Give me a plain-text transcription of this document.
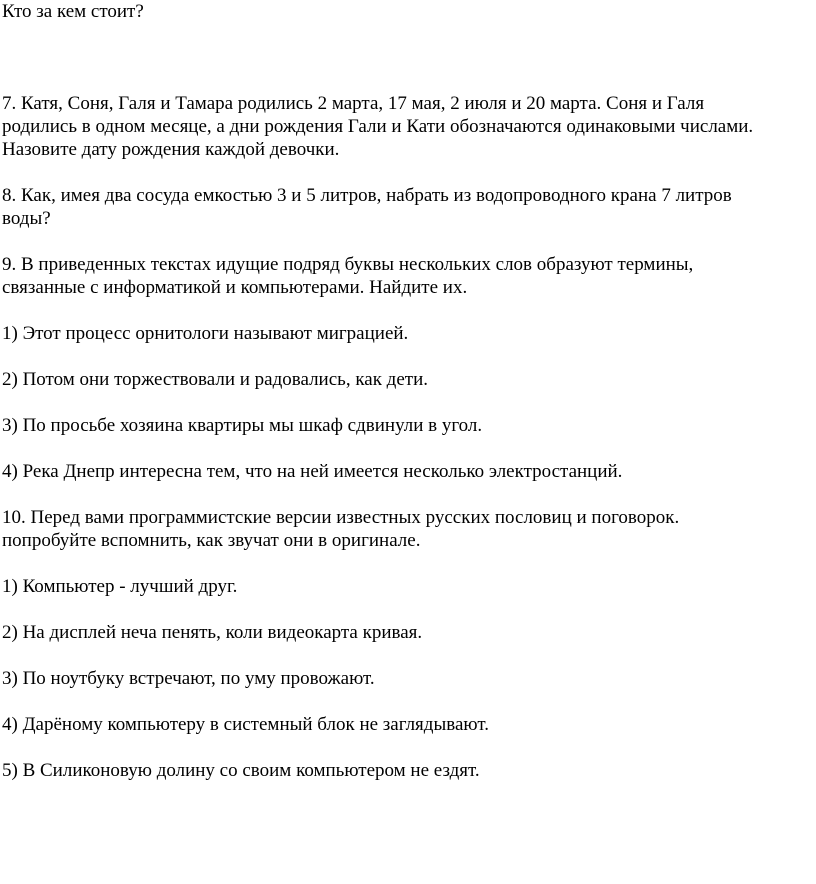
Кто за кем стоит?

7. Катя, Соня, Галя и Тамара родились 2 марта, 17 мая, 2 июля и 20 марта. Соня и Галя

родились в одном месяце, а дни рождения Гали и Кати обозначаются одинаковыми числами.

Назовите дату рождения каждой девочки.

8. Как, имея два сосуда емкостью 3 и 5 литров, набрать из водопроводного крана 7 литров

воды?

9. В приведенных текстах идущие подряд буквы нескольких слов образуют термины,

связанные с информатикой и компьютерами. Найдите их.

1) Этот процесс орнитологи называют миграцией.

2) Потом они торжествовали и радовались, как дети.

3) По просьбе хозяина квартиры мы шкаф сдвинули в угол.

4) Река Днепр интересна тем, что на ней имеется несколько электростанций.

10. Перед вами программистские версии известных русских пословиц и поговорок.

попробуйте вспомнить, как звучат они в оригинале.

1) Компьютер - лучший друг.

2) На дисплей неча пенять, коли видеокарта кривая.

3) По ноутбуку встречают, по уму провожают.

4) Дарёному компьютеру в системный блок не заглядывают.

5) В Силиконовую долину со своим компьютером не ездят.
